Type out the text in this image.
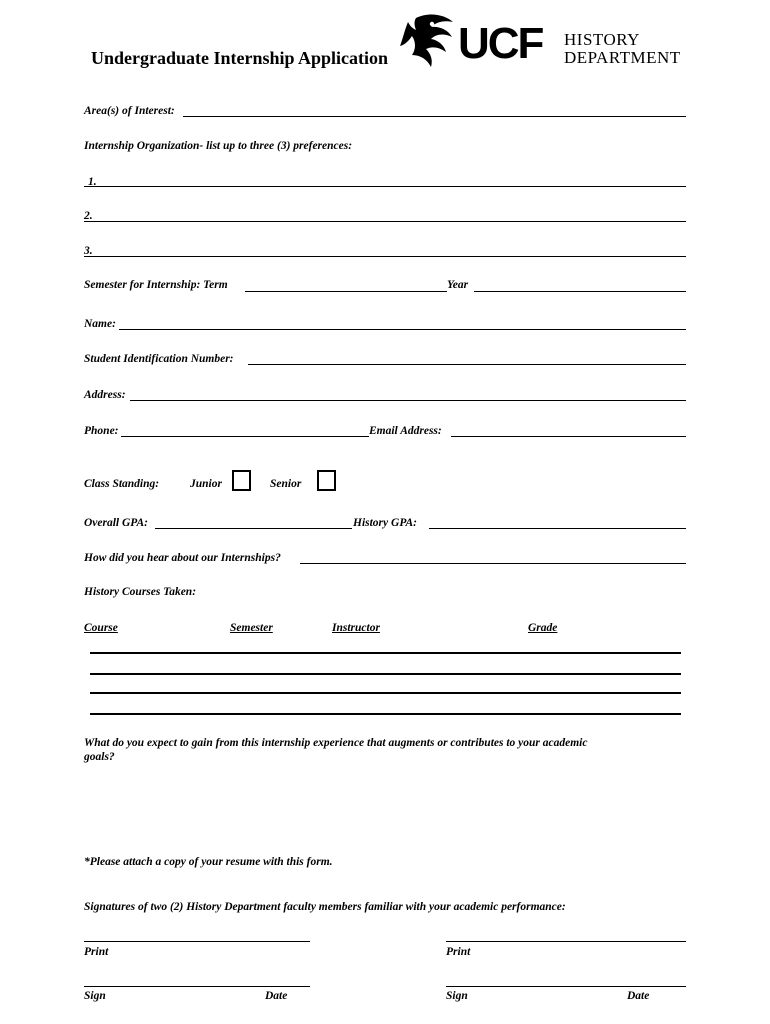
Undergraduate Internship Application UCF HISTORY
DEPARTMENT
Area(s) of Interest:
Internship Organization- list up to three (3) preferences:
1.
2.
3.
Semester for Internship: Term	Year
Name:
Student Identification Number:
Address:
Phone:	Email Address:
Class Standing:	Junior	Senior
Overall GPA:	History GPA:
How did you hear about our Internships?
History Courses Taken:
Course	Semester	Instructor	Grade
What do you expect to gain from this internship experience that augments or contributes to your academic
goals?
*Please attach a copy of your resume with this form.
Signatures of two (2) History Department faculty members familiar with your academic performance:
Print	Print
Sign	Date	Sign	Date
